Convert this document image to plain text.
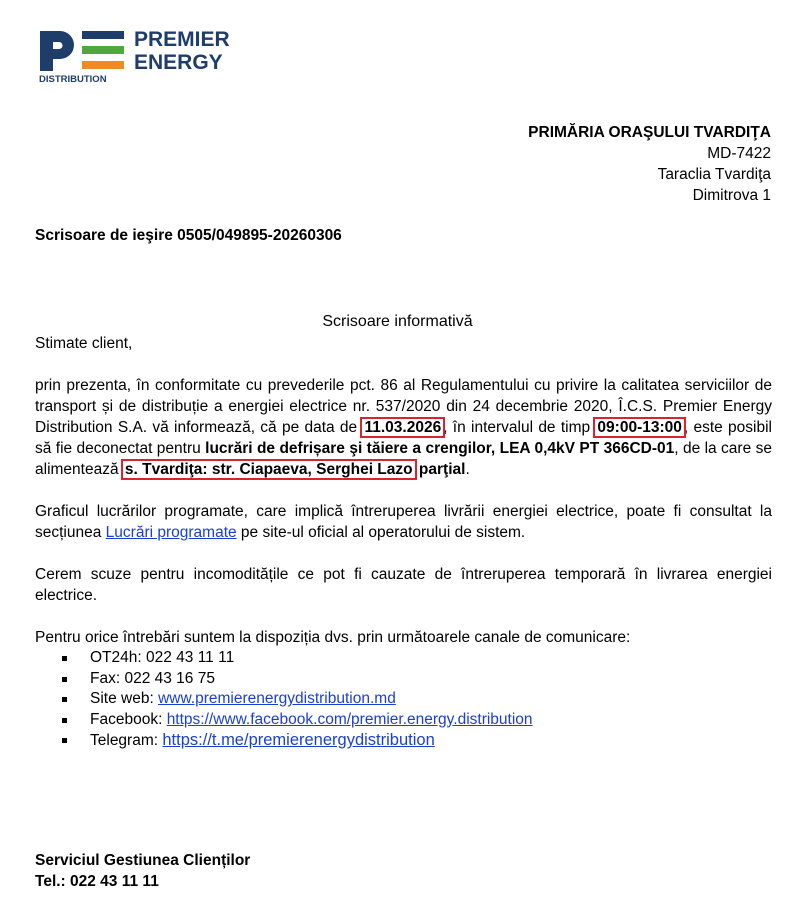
PREMIER
ENERGY
DISTRIBUTION
PRIMĂRIA ORAŞULUI TVARDIŢA
MD-7422
Taraclia Tvardiţa
Dimitrova 1
Scrisoare de ieşire 0505/049895-20260306
Scrisoare informativă

Stimate client,

prin prezenta, în conformitate cu prevederile pct. 86 al Regulamentului cu privire la calitatea serviciilor de transport și de distribuție a energiei electrice nr. 537/2020 din 24 decembrie 2020, Î.C.S. Premier Energy Distribution S.A. vă informează, că pe data de 11.03.2026 , în intervalul de timp 09:00-13:00 , este posibil să fie deconectat pentru lucrări de defrișare şi tăiere a crengilor, LEA 0,4kV PT 366CD-01, de la care se alimentează s. Tvardiţa: str. Ciapaeva, Serghei Lazo parţial.

Graficul lucrărilor programate, care implică întreruperea livrării energiei electrice, poate fi consultat la secțiunea Lucrări programate pe site-ul oficial al operatorului de sistem.

Cerem scuze pentru incomoditățile ce pot fi cauzate de întreruperea temporară în livrarea energiei electrice.

Pentru orice întrebări suntem la dispoziția dvs. prin următoarele canale de comunicare:

OT24h: 022 43 11 11
Fax: 022 43 16 75
Site web: www.premierenergydistribution.md
Facebook: https://www.facebook.com/premier.energy.distribution
Telegram: https://t.me/premierenergydistribution
Serviciul Gestiunea Clienților
Tel.: 022 43 11 11
